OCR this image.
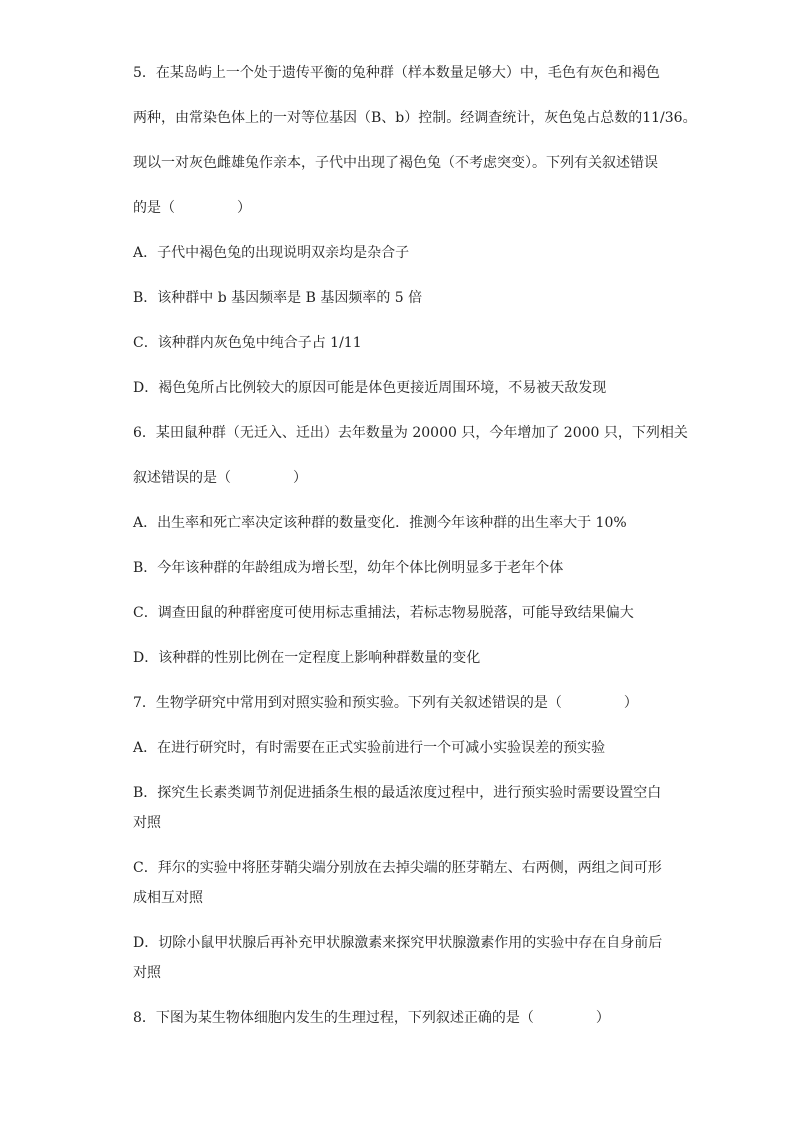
5．在某岛屿上一个处于遗传平衡的兔种群（样本数量足够大）中，毛色有灰色和褐色
两种，由常染色体上的一对等位基因（B、b）控制。经调查统计，灰色兔占总数的11/36。
现以一对灰色雌雄兔作亲本，子代中出现了褐色兔（不考虑突变）。下列有关叙述错误
的是（	）
A．子代中褐色兔的出现说明双亲均是杂合子
B．该种群中 b 基因频率是 B 基因频率的 5 倍
C．该种群内灰色兔中纯合子占 1/11
D．褐色兔所占比例较大的原因可能是体色更接近周围环境，不易被天敌发现
6．某田鼠种群（无迁入、迁出）去年数量为 20000 只，今年增加了 2000 只，下列相关
叙述错误的是（	）
A．出生率和死亡率决定该种群的数量变化．推测今年该种群的出生率大于 10%
B．今年该种群的年龄组成为增长型，幼年个体比例明显多于老年个体
C．调查田鼠的种群密度可使用标志重捕法，若标志物易脱落，可能导致结果偏大
D．该种群的性别比例在一定程度上影响种群数量的变化
7．生物学研究中常用到对照实验和预实验。下列有关叙述错误的是（	）
A．在进行研究时，有时需要在正式实验前进行一个可减小实验误差的预实验
B．探究生长素类调节剂促进插条生根的最适浓度过程中，进行预实验时需要设置空白
对照
C．拜尔的实验中将胚芽鞘尖端分别放在去掉尖端的胚芽鞘左、右两侧，两组之间可形
成相互对照
D．切除小鼠甲状腺后再补充甲状腺激素来探究甲状腺激素作用的实验中存在自身前后
对照
8．下图为某生物体细胞内发生的生理过程，下列叙述正确的是（	）
